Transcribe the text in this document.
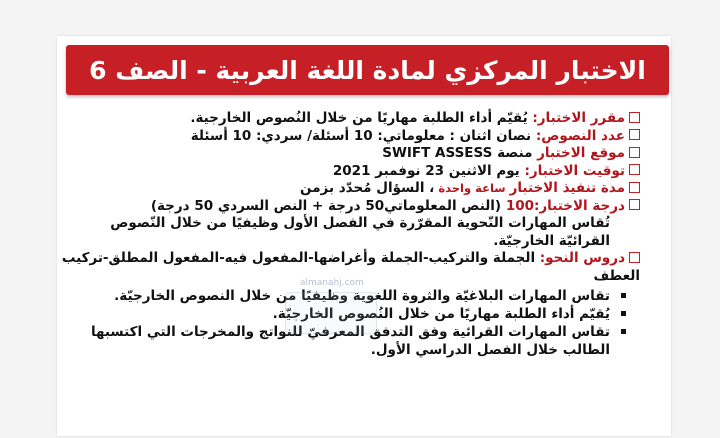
الاختبار المركزي لمادة اللغة العربية - الصف 6
مقرر الاختبار: يُقيّم أداء الطلبة مهاريًا من خلال النُصوص الخارجية.
عدد النصوص: نصان اثنان : معلوماتي: 10 أسئلة/ سردي: 10 أسئلة
موقع الاختبار منصة SWIFT ASSESS
توقيت الاختبار: يوم الاثنين 23 نوفمبر 2021
مدة تنفيذ الاختبار ساعة واحدة ، السؤال مُحدّد بزمن
درجة الاختبار:100 (النص المعلوماتي50 درجة + النص السردي 50 درجة)
تُقاس المهارات النّحوية المقرّرة في الفصل الأول وظيفيًا من خلال النّصوص القرائيّة الخارجيّة.
دروس النحو: الجملة والتركيب-الجملة وأغراضها-المفعول فيه-المفعول المطلق-تركيب العطف
تقاس المهارات البلاغيّة والثروة اللغوية وظيفيًا من خلال النصوص الخارجيّة.
يُقيّم أداء الطلبة مهاريًا من خلال النُصوص الخارجيّة.
تقاس المهارات القرائية وفق التدفق المعرفيّ للنواتج والمخرجات التي اكتسبها الطالب خلال الفصل الدراسي الأول.
almanahj.com
